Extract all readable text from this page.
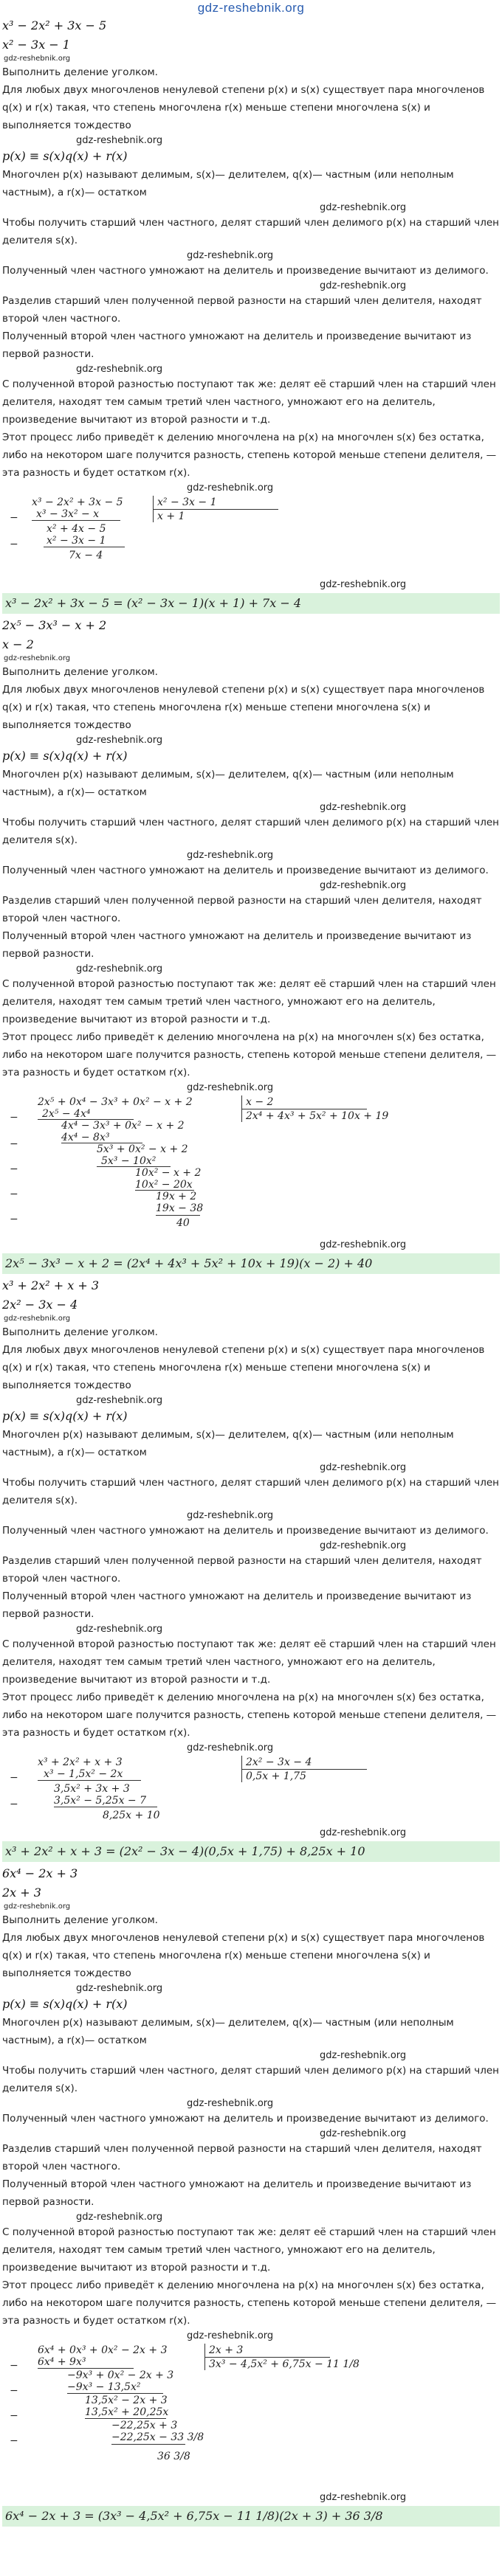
gdz-reshebnik.org
x³ − 2x² + 3x − 5
x² − 3x − 1
gdz-reshebnik.org

Выполнить деление уголком.

Для любых двух многочленов ненулевой степени p(x) и s(x) существует пара многочленов q(x) и r(x) такая, что степень многочлена r(x) меньше степени многочлена s(x) и выполняется тождество

gdz-reshebnik.org
p(x) ≡ s(x)q(x) + r(x)

Многочлен p(x) называют делимым, s(x)— делителем, q(x)— частным (или неполным частным), а r(x)— остатком

gdz-reshebnik.org

Чтобы получить старший член частного, делят старший член делимого p(x) на старший член делителя s(x).

gdz-reshebnik.org

Полученный член частного умножают на делитель и произведение вычитают из делимого.

gdz-reshebnik.org

Разделив старший член полученной первой разности на старший член делителя, находят второй член частного.

Полученный второй член частного умножают на делитель и произведение вычитают из первой разности.

gdz-reshebnik.org

С полученной второй разностью поступают так же: делят её старший член на старший член делителя, находят тем самым третий член частного, умножают его на делитель, произведение вычитают из второй разности и т.д.

Этот процесс либо приведёт к делению многочлена на p(x) на многочлен s(x) без остатка, либо на некотором шаге получится разность, степень которой меньше степени делителя, — эта разность и будет остатком r(x).

gdz-reshebnik.org
x³ − 2x² + 3x − 5
x³ − 3x² − x
x² + 4x − 5
x² − 3x − 1
7x − 4
−
−
x² − 3x − 1
x + 1
gdz-reshebnik.org
x³ − 2x² + 3x − 5 = (x² − 3x − 1)(x + 1) + 7x − 4
2x⁵ − 3x³ − x + 2
x − 2
gdz-reshebnik.org

Выполнить деление уголком.

Для любых двух многочленов ненулевой степени p(x) и s(x) существует пара многочленов q(x) и r(x) такая, что степень многочлена r(x) меньше степени многочлена s(x) и выполняется тождество

gdz-reshebnik.org
p(x) ≡ s(x)q(x) + r(x)

Многочлен p(x) называют делимым, s(x)— делителем, q(x)— частным (или неполным частным), а r(x)— остатком

gdz-reshebnik.org

Чтобы получить старший член частного, делят старший член делимого p(x) на старший член делителя s(x).

gdz-reshebnik.org

Полученный член частного умножают на делитель и произведение вычитают из делимого.

gdz-reshebnik.org

Разделив старший член полученной первой разности на старший член делителя, находят второй член частного.

Полученный второй член частного умножают на делитель и произведение вычитают из первой разности.

gdz-reshebnik.org

С полученной второй разностью поступают так же: делят её старший член на старший член делителя, находят тем самым третий член частного, умножают его на делитель, произведение вычитают из второй разности и т.д.

Этот процесс либо приведёт к делению многочлена на p(x) на многочлен s(x) без остатка, либо на некотором шаге получится разность, степень которой меньше степени делителя, — эта разность и будет остатком r(x).

gdz-reshebnik.org
2x⁵ + 0x⁴ − 3x³ + 0x² − x + 2
2x⁵ − 4x⁴
4x⁴ − 3x³ + 0x² − x + 2
4x⁴ − 8x³
5x³ + 0x² − x + 2
5x³ − 10x²
10x² − x + 2
10x² − 20x
19x + 2
19x − 38
40
−
−
−
−
−
x − 2
2x⁴ + 4x³ + 5x² + 10x + 19
gdz-reshebnik.org
2x⁵ − 3x³ − x + 2 = (2x⁴ + 4x³ + 5x² + 10x + 19)(x − 2) + 40
x³ + 2x² + x + 3
2x² − 3x − 4
gdz-reshebnik.org

Выполнить деление уголком.

Для любых двух многочленов ненулевой степени p(x) и s(x) существует пара многочленов q(x) и r(x) такая, что степень многочлена r(x) меньше степени многочлена s(x) и выполняется тождество

gdz-reshebnik.org
p(x) ≡ s(x)q(x) + r(x)

Многочлен p(x) называют делимым, s(x)— делителем, q(x)— частным (или неполным частным), а r(x)— остатком

gdz-reshebnik.org

Чтобы получить старший член частного, делят старший член делимого p(x) на старший член делителя s(x).

gdz-reshebnik.org

Полученный член частного умножают на делитель и произведение вычитают из делимого.

gdz-reshebnik.org

Разделив старший член полученной первой разности на старший член делителя, находят второй член частного.

Полученный второй член частного умножают на делитель и произведение вычитают из первой разности.

gdz-reshebnik.org

С полученной второй разностью поступают так же: делят её старший член на старший член делителя, находят тем самым третий член частного, умножают его на делитель, произведение вычитают из второй разности и т.д.

Этот процесс либо приведёт к делению многочлена на p(x) на многочлен s(x) без остатка, либо на некотором шаге получится разность, степень которой меньше степени делителя, — эта разность и будет остатком r(x).

gdz-reshebnik.org
x³ + 2x² + x + 3
x³ − 1,5x² − 2x
3,5x² + 3x + 3
3,5x² − 5,25x − 7
8,25x + 10
−
−
2x² − 3x − 4
0,5x + 1,75
gdz-reshebnik.org
x³ + 2x² + x + 3 = (2x² − 3x − 4)(0,5x + 1,75) + 8,25x + 10
6x⁴ − 2x + 3
2x + 3
gdz-reshebnik.org

Выполнить деление уголком.

Для любых двух многочленов ненулевой степени p(x) и s(x) существует пара многочленов q(x) и r(x) такая, что степень многочлена r(x) меньше степени многочлена s(x) и выполняется тождество

gdz-reshebnik.org
p(x) ≡ s(x)q(x) + r(x)

Многочлен p(x) называют делимым, s(x)— делителем, q(x)— частным (или неполным частным), а r(x)— остатком

gdz-reshebnik.org

Чтобы получить старший член частного, делят старший член делимого p(x) на старший член делителя s(x).

gdz-reshebnik.org

Полученный член частного умножают на делитель и произведение вычитают из делимого.

gdz-reshebnik.org

Разделив старший член полученной первой разности на старший член делителя, находят второй член частного.

Полученный второй член частного умножают на делитель и произведение вычитают из первой разности.

gdz-reshebnik.org

С полученной второй разностью поступают так же: делят её старший член на старший член делителя, находят тем самым третий член частного, умножают его на делитель, произведение вычитают из второй разности и т.д.

Этот процесс либо приведёт к делению многочлена на p(x) на многочлен s(x) без остатка, либо на некотором шаге получится разность, степень которой меньше степени делителя, — эта разность и будет остатком r(x).

gdz-reshebnik.org
6x⁴ + 0x³ + 0x² − 2x + 3
6x⁴ + 9x³
−9x³ + 0x² − 2x + 3
−9x³ − 13,5x²
13,5x² − 2x + 3
13,5x² + 20,25x
−22,25x + 3
−22,25x − 33 3/8
36 3/8
−
−
−
−
2x + 3
3x³ − 4,5x² + 6,75x − 11 1/8
gdz-reshebnik.org
6x⁴ − 2x + 3 = (3x³ − 4,5x² + 6,75x − 11 1/8)(2x + 3) + 36 3/8
